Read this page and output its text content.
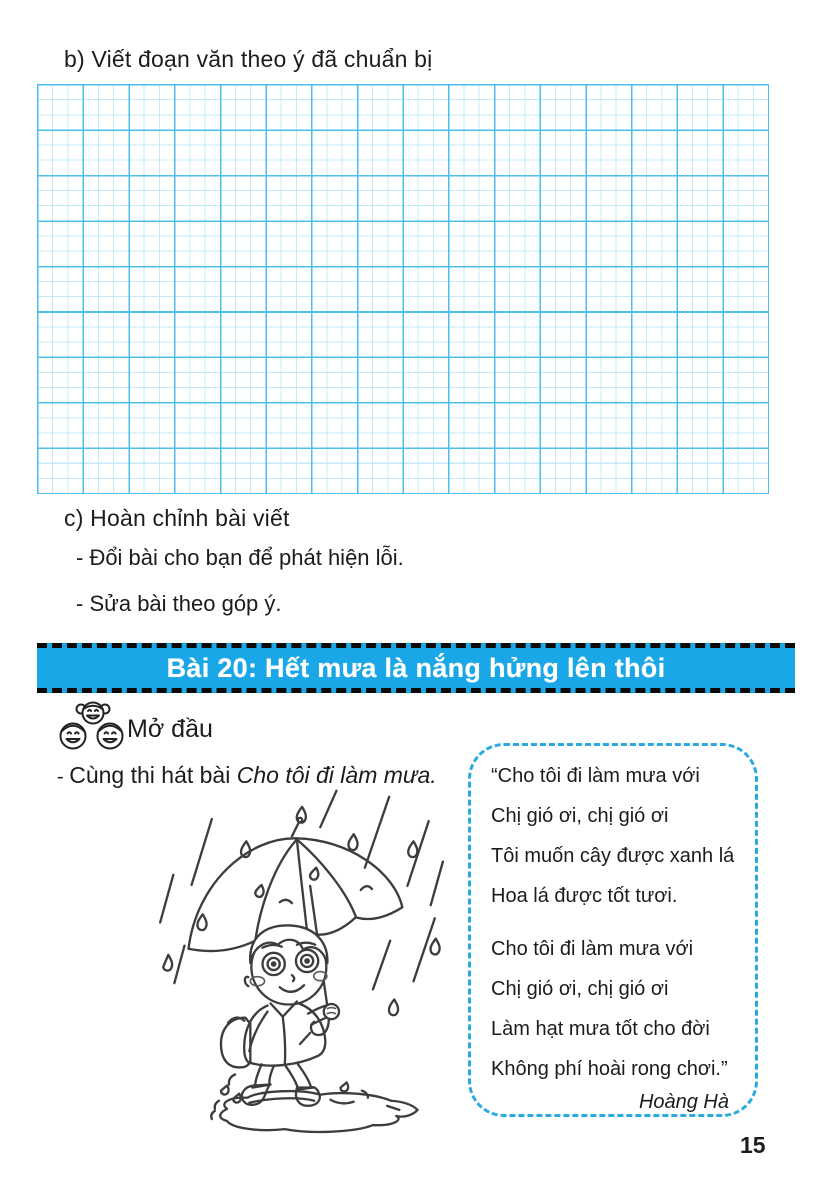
b) Viết đoạn văn theo ý đã chuẩn bị
c) Hoàn chỉnh bài viết
- Đổi bài cho bạn để phát hiện lỗi.
- Sửa bài theo góp ý.
Bài 20: Hết mưa là nắng hửng lên thôi
Mở đầu
- Cùng thi hát bài Cho tôi đi làm mưa.	“Cho tôi đi làm mưa với
Chị gió ơi, chị gió ơi
Tôi muốn cây được xanh lá
Hoa lá được tốt tươi.
Cho tôi đi làm mưa với
Chị gió ơi, chị gió ơi
Làm hạt mưa tốt cho đời
Không phí hoài rong chơi.”
Hoàng Hà
15
